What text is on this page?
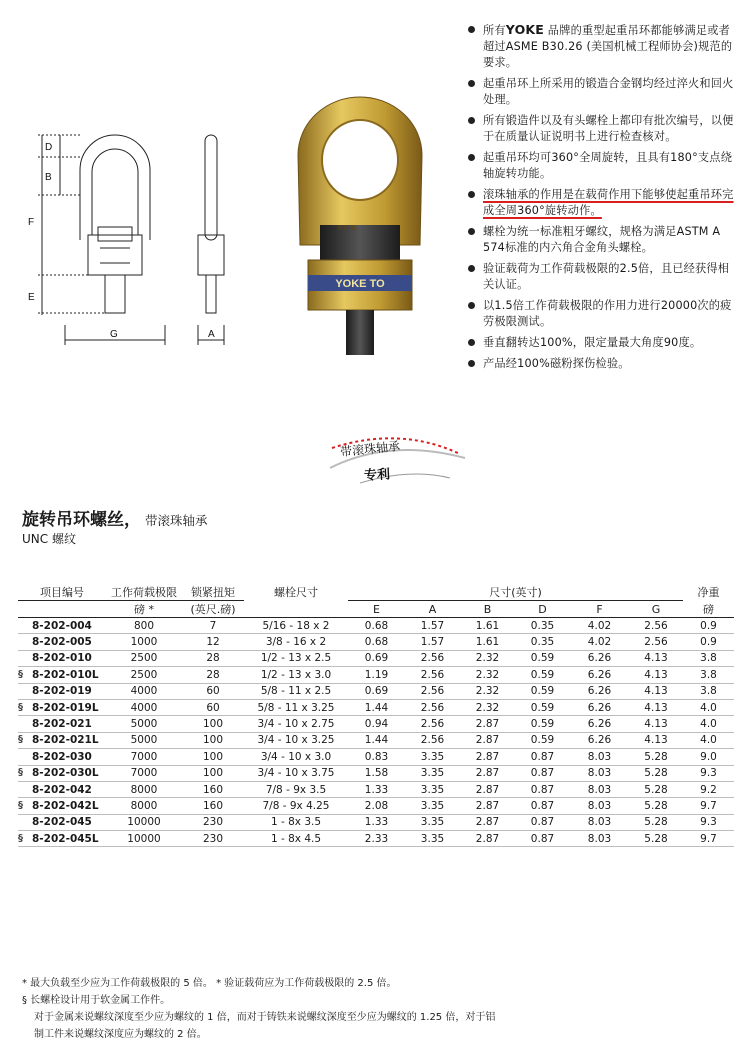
D
B
F
E
G	A
YOKE TO
BT RL
所有YOKE 品牌的重型起重吊环都能够满足或者超过ASME B30.26 (美国机械工程师协会)规范的要求。
起重吊环上所采用的锻造合金钢均经过淬火和回火处理。
所有锻造件以及有头螺栓上都印有批次编号，以便于在质量认证说明书上进行检查核对。
起重吊环均可360°全周旋转，且具有180°支点绕轴旋转功能。
滚珠轴承的作用是在载荷作用下能够使起重吊环完成全周360°旋转动作。
螺栓为统一标准粗牙螺纹，规格为满足ASTM A 574标准的内六角合金角头螺栓。
验证载荷为工作荷载极限的2.5倍，且已经获得相关认证。
以1.5倍工作荷载极限的作用力进行20000次的疲劳极限测试。
垂直翻转达100%，限定量最大角度90度。
产品经100%磁粉探伤检验。
带滚珠轴承
专利
旋转吊环螺丝， 带滚珠轴承
UNC 螺纹
项目编号	工作荷载极限	锁紧扭矩	螺栓尺寸	尺寸(英寸)						净重
	磅 *	(英尺.磅)		E	A	B	D	F	G	磅
8-202-004	800	7	5/16 - 18 x 2	0.68	1.57	1.61	0.35	4.02	2.56	0.9
8-202-005	1000	12	3/8 - 16 x 2	0.68	1.57	1.61	0.35	4.02	2.56	0.9
8-202-010	2500	28	1/2 - 13 x 2.5	0.69	2.56	2.32	0.59	6.26	4.13	3.8

§ 8-202-010L	2500	28	1/2 - 13 x 3.0	1.19	2.56	2.32	0.59	6.26	4.13	3.8
8-202-019	4000	60	5/8 - 11 x 2.5	0.69	2.56	2.32	0.59	6.26	4.13	3.8

§ 8-202-019L	4000	60	5/8 - 11 x 3.25	1.44	2.56	2.32	0.59	6.26	4.13	4.0
8-202-021	5000	100	3/4 - 10 x 2.75	0.94	2.56	2.87	0.59	6.26	4.13	4.0

§ 8-202-021L	5000	100	3/4 - 10 x 3.25	1.44	2.56	2.87	0.59	6.26	4.13	4.0
8-202-030	7000	100	3/4 - 10 x 3.0	0.83	3.35	2.87	0.87	8.03	5.28	9.0

§ 8-202-030L	7000	100	3/4 - 10 x 3.75	1.58	3.35	2.87	0.87	8.03	5.28	9.3
8-202-042	8000	160	7/8 - 9x 3.5	1.33	3.35	2.87	0.87	8.03	5.28	9.2

§ 8-202-042L	8000	160	7/8 - 9x 4.25	2.08	3.35	2.87	0.87	8.03	5.28	9.7
8-202-045	10000	230	1 - 8x 3.5	1.33	3.35	2.87	0.87	8.03	5.28	9.3

§ 8-202-045L	10000	230	1 - 8x 4.5	2.33	3.35	2.87	0.87	8.03	5.28	9.7
* 最大负载至少应为工作荷载极限的 5 倍。 * 验证载荷应为工作荷载极限的 2.5 倍。
§ 长螺栓设计用于软金属工作件。
对于金属来说螺纹深度至少应为螺纹的 1 倍，而对于铸铁来说螺纹深度至少应为螺纹的 1.25 倍，对于铝
制工件来说螺纹深度应为螺纹的 2 倍。
